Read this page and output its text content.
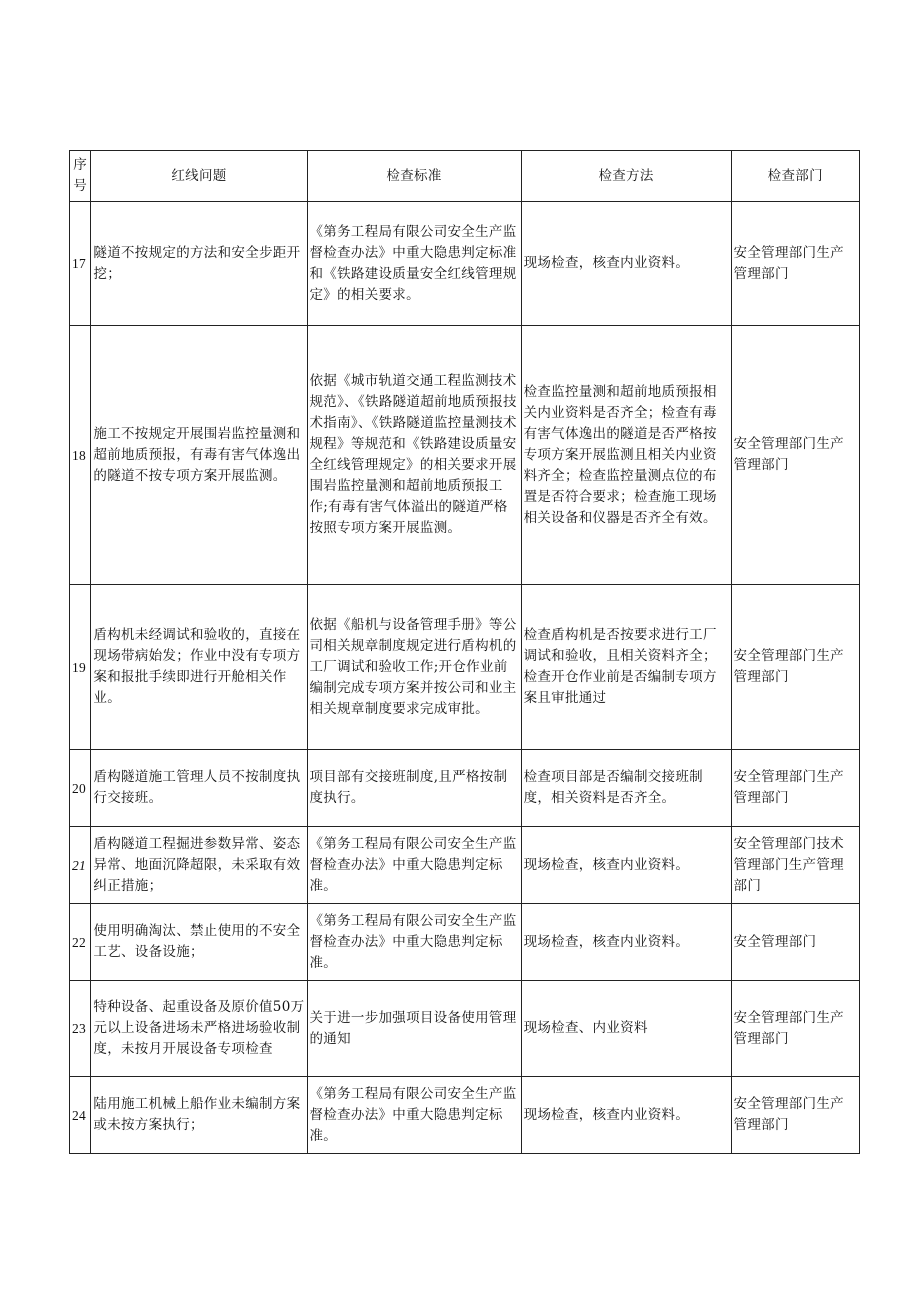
序号	红线问题	检查标准	检查方法	检查部门
17	隧道不按规定的方法和安全步距开挖；	《第务工程局有限公司安全生产监督检查办法》中重大隐患判定标准和《铁路建设质量安全红线管理规定》的相关要求。	现场检查，核查内业资料。	安全管理部门生产管理部门
18	施工不按规定开展围岩监控量测和超前地质预报，有毒有害气体逸出的隧道不按专项方案开展监测。	依据《城市轨道交通工程监测技术规范》、《铁路隧道超前地质预报技术指南》、《铁路隧道监控量测技术规程》等规范和《铁路建设质量安全红线管理规定》的相关要求开展围岩监控量测和超前地质预报工作;有毒有害气体溢出的隧道严格按照专项方案开展监测。	检查监控量测和超前地质预报相关内业资料是否齐全；检查有毒有害气体逸出的隧道是否严格按专项方案开展监测且相关内业资料齐全；检查监控量测点位的布置是否符合要求；检查施工现场相关设备和仪器是否齐全有效。	安全管理部门生产管理部门
19	盾构机未经调试和验收的，直接在现场带病始发；作业中没有专项方案和报批手续即进行开舱相关作业。	依据《船机与设备管理手册》等公司相关规章制度规定进行盾构机的工厂调试和验收工作;开仓作业前编制完成专项方案并按公司和业主相关规章制度要求完成审批。	检查盾构机是否按要求进行工厂调试和验收，且相关资料齐全；检查开仓作业前是否编制专项方案且审批通过	安全管理部门生产管理部门
20	盾构隧道施工管理人员不按制度执行交接班。	项目部有交接班制度,且严格按制度执行。	检查项目部是否编制交接班制度，相关资料是否齐全。	安全管理部门生产管理部门
21	盾构隧道工程掘进参数异常、姿态异常、地面沉降超限，未采取有效纠正措施；	《第务工程局有限公司安全生产监督检查办法》中重大隐患判定标准。	现场检查，核查内业资料。	安全管理部门技术管理部门生产管理部门
22	使用明确淘汰、禁止使用的不安全工艺、设备设施；	《第务工程局有限公司安全生产监督检查办法》中重大隐患判定标准。	现场检查，核查内业资料。	安全管理部门
23	特种设备、起重设备及原价值50万元以上设备进场未严格进场验收制度，未按月开展设备专项检查	关于进一步加强项目设备使用管理的通知	现场检查、内业资料	安全管理部门生产管理部门
24	陆用施工机械上船作业未编制方案或未按方案执行；	《第务工程局有限公司安全生产监督检查办法》中重大隐患判定标准。	现场检查，核查内业资料。	安全管理部门生产管理部门
